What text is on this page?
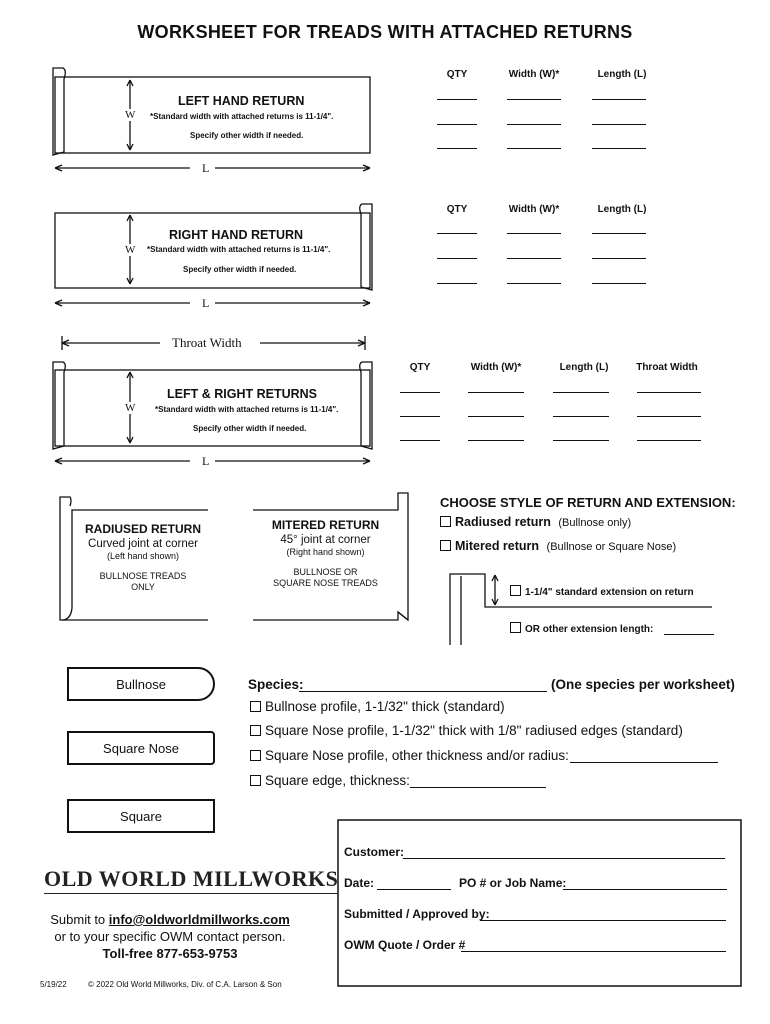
WORKSHEET FOR TREADS WITH ATTACHED RETURNS
W
L
LEFT HAND RETURN
*Standard width with attached returns is 11-1/4".
Specify other width if needed.
QTY	Width (W)*	Length (L)
W
L
RIGHT HAND RETURN
*Standard width with attached returns is 11-1/4".
Specify other width if needed.
QTY	Width (W)*	Length (L)
Throat Width
W
L
LEFT & RIGHT RETURNS
*Standard width with attached returns is 11-1/4".
Specify other width if needed.
QTY	Width (W)*	Length (L)	Throat Width
RADIUSED RETURN
Curved joint at corner
(Left hand shown)
BULLNOSE TREADS
ONLY
MITERED RETURN
45° joint at corner
(Right hand shown)
BULLNOSE OR
SQUARE NOSE TREADS
CHOOSE STYLE OF RETURN AND EXTENSION:
Radiused return (Bullnose only)
Mitered return (Bullnose or Square Nose)
1-1/4" standard extension on return
OR other extension length:
Bullnose
Square Nose
Square
Species:	(One species per worksheet)
Bullnose profile, 1-1/32" thick (standard)
Square Nose profile, 1-1/32" thick with 1/8" radiused edges (standard)
Square Nose profile, other thickness and/or radius:
Square edge, thickness:
OLD WORLD MILLWORKS
Submit to info@oldworldmillworks.com
or to your specific OWM contact person.
Toll-free 877-653-9753
5/19/22	© 2022 Old World Millworks, Div. of C.A. Larson & Son
Customer:
Date:	PO # or Job Name:
Submitted / Approved by:
OWM Quote / Order #
